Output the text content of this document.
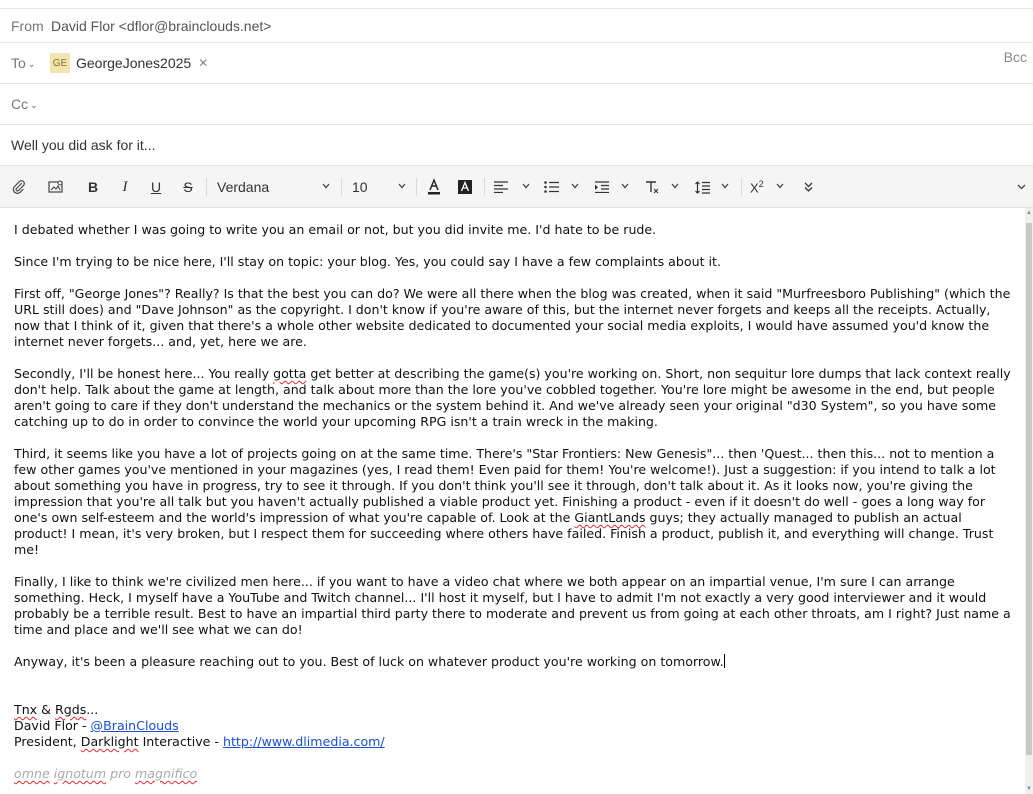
From David Flor <dflor@brainclouds.net>
To ⌄ GE GeorgeJones2025 ✕	Bcc
Cc ⌄
Well you did ask for it...
B I U S Verdana	10	$X^2$

I debated whether I was going to write you an email or not, but you did invite me. I'd hate to be rude.

Since I'm trying to be nice here, I'll stay on topic: your blog. Yes, you could say I have a few complaints about it.

First off, "George Jones"? Really? Is that the best you can do? We were all there when the blog was created, when it said "Murfreesboro Publishing" (which the URL still does) and "Dave Johnson" as the copyright. I don't know if you're aware of this, but the internet never forgets and keeps all the receipts. Actually, now that I think of it, given that there's a whole other website dedicated to documented your social media exploits, I would have assumed you'd know the internet never forgets... and, yet, here we are.

Secondly, I'll be honest here... You really gotta get better at describing the game(s) you're working on. Short, non sequitur lore dumps that lack context really don't help. Talk about the game at length, and talk about more than the lore you've cobbled together. You're lore might be awesome in the end, but people aren't going to care if they don't understand the mechanics or the system behind it. And we've already seen your original "d30 System", so you have some catching up to do in order to convince the world your upcoming RPG isn't a train wreck in the making.

Third, it seems like you have a lot of projects going on at the same time. There's "Star Frontiers: New Genesis"... then 'Quest... then this... not to mention a few other games you've mentioned in your magazines (yes, I read them! Even paid for them! You're welcome!). Just a suggestion: if you intend to talk a lot about something you have in progress, try to see it through. If you don't think you'll see it through, don't talk about it. As it looks now, you're giving the impression that you're all talk but you haven't actually published a viable product yet. Finishing a product - even if it doesn't do well - goes a long way for one's own self-esteem and the world's impression of what you're capable of. Look at the GiantLands guys; they actually managed to publish an actual product! I mean, it's very broken, but I respect them for succeeding where others have failed. Finish a product, publish it, and everything will change. Trust me!

Finally, I like to think we're civilized men here... if you want to have a video chat where we both appear on an impartial venue, I'm sure I can arrange something. Heck, I myself have a YouTube and Twitch channel... I'll host it myself, but I have to admit I'm not exactly a very good interviewer and it would probably be a terrible result. Best to have an impartial third party there to moderate and prevent us from going at each other throats, am I right? Just name a time and place and we'll see what we can do!

Anyway, it's been a pleasure reaching out to you. Best of luck on whatever product you're working on tomorrow.

Tnx & Rgds...
David Flor - @BrainClouds
President, Darklight Interactive - http://www.dlimedia.com/
omne ignotum pro magnifico
▲
▼
